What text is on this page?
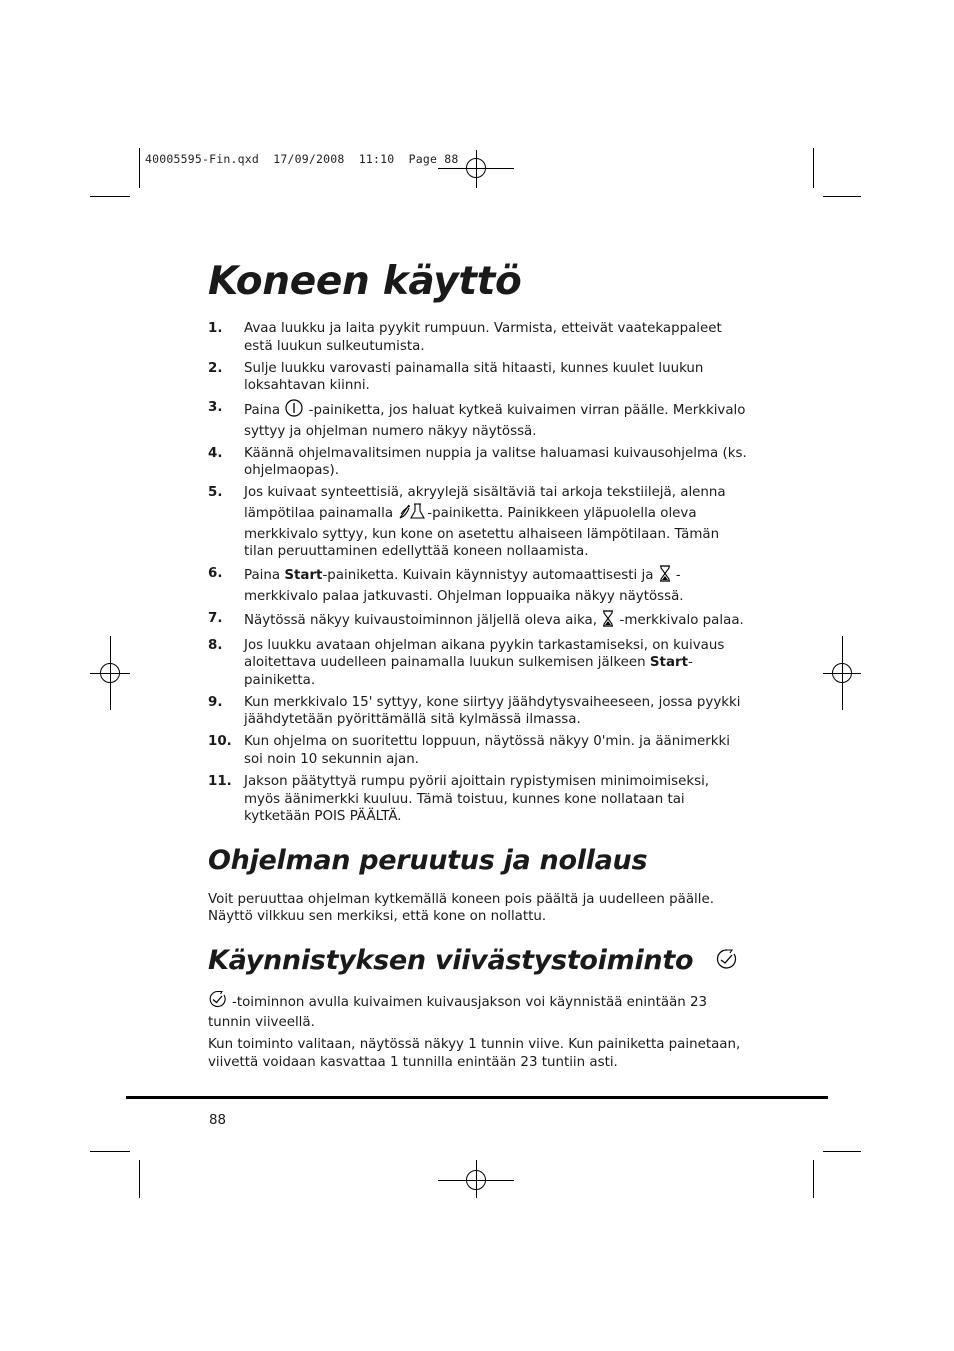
40005595-Fin.qxd  17/09/2008  11:10  Page 88
Koneen käyttö
1. Avaa luukku ja laita pyykit rumpuun. Varmista, etteivät vaatekappaleet estä luukun sulkeutumista.
2. Sulje luukku varovasti painamalla sitä hitaasti, kunnes kuulet luukun loksahtavan kiinni.
3. Paina  -painiketta, jos haluat kytkeä kuivaimen virran päälle. Merkkivalo syttyy ja ohjelman numero näkyy näytössä.
4. Käännä ohjelmavalitsimen nuppia ja valitse haluamasi kuivausohjelma (ks. ohjelmaopas).
5. Jos kuivaat synteettisiä, akryylejä sisältäviä tai arkoja tekstiilejä, alenna lämpötilaa painamalla -painiketta. Painikkeen yläpuolella oleva merkkivalo syttyy, kun kone on asetettu alhaiseen lämpötilaan. Tämän tilan peruuttaminen edellyttää koneen nollaamista.
6. Paina Start-painiketta. Kuivain käynnistyy automaattisesti ja  -merkkivalo palaa jatkuvasti. Ohjelman loppuaika näkyy näytössä.
7. Näytössä näkyy kuivaustoiminnon jäljellä oleva aika,  -merkkivalo palaa.
8. Jos luukku avataan ohjelman aikana pyykin tarkastamiseksi, on kuivaus aloitettava uudelleen painamalla luukun sulkemisen jälkeen Start-painiketta.
9. Kun merkkivalo 15' syttyy, kone siirtyy jäähdytysvaiheeseen, jossa pyykki jäähdytetään pyörittämällä sitä kylmässä ilmassa.
10. Kun ohjelma on suoritettu loppuun, näytössä näkyy 0'min. ja äänimerkki soi noin 10 sekunnin ajan.
11. Jakson päätyttyä rumpu pyörii ajoittain rypistymisen minimoimiseksi, myös äänimerkki kuuluu. Tämä toistuu, kunnes kone nollataan tai kytketään POIS PÄÄLTÄ.
Ohjelman peruutus ja nollaus

Voit peruuttaa ohjelman kytkemällä koneen pois päältä ja uudelleen päälle. Näyttö vilkkuu sen merkiksi, että kone on nollattu.

Käynnistyksen viivästystoiminto

-toiminnon avulla kuivaimen kuivausjakson voi käynnistää enintään 23 tunnin viiveellä.

Kun toiminto valitaan, näytössä näkyy 1 tunnin viive. Kun painiketta painetaan, viivettä voidaan kasvattaa 1 tunnilla enintään 23 tuntiin asti.

88
